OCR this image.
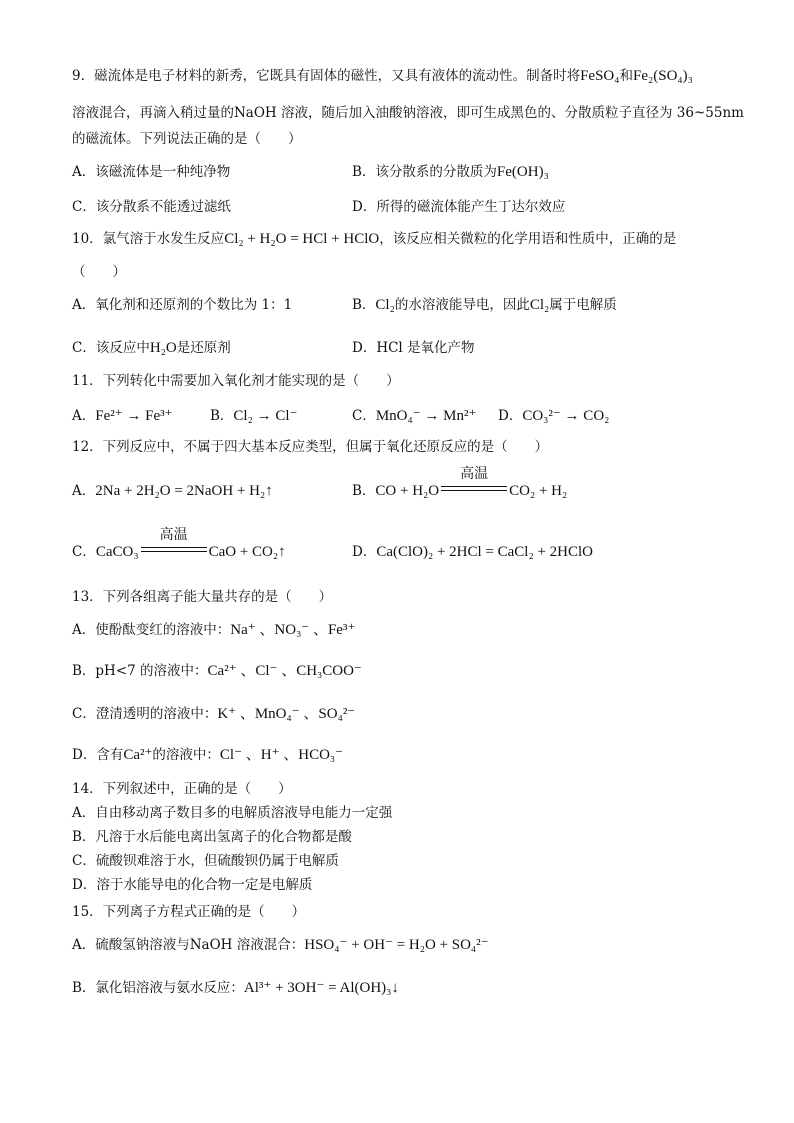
9．磁流体是电子材料的新秀，它既具有固体的磁性，又具有液体的流动性。制备时将FeSO₄和Fe₂(SO₄)₃
溶液混合，再滴入稍过量的NaOH 溶液，随后加入油酸钠溶液，即可生成黑色的、分散质粒子直径为 36~55nm
的磁流体。下列说法正确的是（　　）
A．该磁流体是一种纯净物	B．该分散系的分散质为Fe(OH)₃
C．该分散系不能透过滤纸	D．所得的磁流体能产生丁达尔效应
10．氯气溶于水发生反应Cl₂ + H₂O = HCl + HClO，该反应相关微粒的化学用语和性质中，正确的是
（　　）
A．氧化剂和还原剂的个数比为 1：1	B．Cl₂的水溶液能导电，因此Cl₂属于电解质
C．该反应中H₂O是还原剂	D．HCl 是氧化产物
11．下列转化中需要加入氧化剂才能实现的是（　　）
A．Fe²⁺ → Fe³⁺	B．Cl₂ → Cl⁻	C．MnO₄⁻ → Mn²⁺ D．CO₃²⁻ → CO₂
12．下列反应中，不属于四大基本反应类型，但属于氧化还原反应的是（　　）
A．2Na + 2H₂O = 2NaOH + H₂↑	B．CO + H₂O
高温
CO₂ + H₂
C．CaCO₃
高温
CaO + CO₂↑	D．Ca(ClO)₂ + 2HCl = CaCl₂ + 2HClO
13．下列各组离子能大量共存的是（　　）
A．使酚酞变红的溶液中：Na⁺ 、NO₃⁻ 、Fe³⁺
B．pH<7 的溶液中：Ca²⁺ 、Cl⁻ 、CH₃COO⁻
C．澄清透明的溶液中：K⁺ 、MnO₄⁻ 、SO₄²⁻
D．含有Ca²⁺的溶液中：Cl⁻ 、H⁺ 、HCO₃⁻
14．下列叙述中，正确的是（　　）
A．自由移动离子数目多的电解质溶液导电能力一定强
B．凡溶于水后能电离出氢离子的化合物都是酸
C．硫酸钡难溶于水，但硫酸钡仍属于电解质
D．溶于水能导电的化合物一定是电解质
15．下列离子方程式正确的是（　　）
A．硫酸氢钠溶液与NaOH 溶液混合：HSO₄⁻ + OH⁻ = H₂O + SO₄²⁻
B．氯化铝溶液与氨水反应：Al³⁺ + 3OH⁻ = Al(OH)₃↓
